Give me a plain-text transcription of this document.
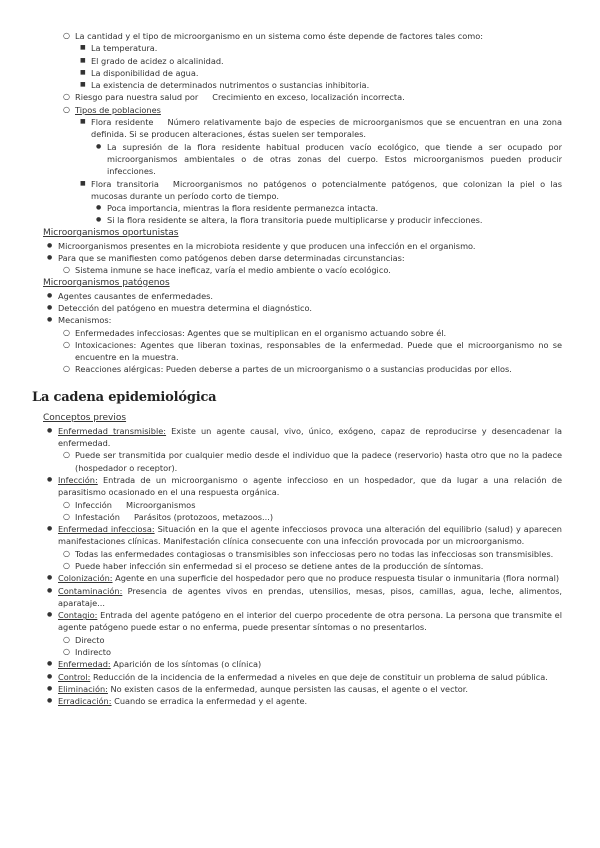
○ La cantidad y el tipo de microorganismo en un sistema como éste depende de factores tales como:
■ La temperatura.
■ El grado de acidez o alcalinidad.
■ La disponibilidad de agua.
■ La existencia de determinados nutrimentos o sustancias inhibitoria.
○ Riesgo para nuestra salud por Crecimiento en exceso, localización incorrecta.
○ Tipos de poblaciones
■ Flora residente Número relativamente bajo de especies de microorganismos que se encuentran en una zona definida. Si se producen alteraciones, éstas suelen ser temporales.
● La supresión de la flora residente habitual producen vacío ecológico, que tiende a ser ocupado por microorganismos ambientales o de otras zonas del cuerpo. Estos microorganismos pueden producir infecciones.
■ Flora transitoria Microorganismos no patógenos o potencialmente patógenos, que colonizan la piel o las mucosas durante un período corto de tiempo.
● Poca importancia, mientras la flora residente permanezca intacta.
● Si la flora residente se altera, la flora transitoria puede multiplicarse y producir infecciones.
Microorganismos oportunistas
● Microorganismos presentes en la microbiota residente y que producen una infección en el organismo.
● Para que se manifiesten como patógenos deben darse determinadas circunstancias:
○ Sistema inmune se hace ineficaz, varía el medio ambiente o vacío ecológico.
Microorganismos patógenos
● Agentes causantes de enfermedades.
● Detección del patógeno en muestra determina el diagnóstico.
● Mecanismos:
○ Enfermedades infecciosas: Agentes que se multiplican en el organismo actuando sobre él.
○ Intoxicaciones: Agentes que liberan toxinas, responsables de la enfermedad. Puede que el microorganismo no se encuentre en la muestra.
○ Reacciones alérgicas: Pueden deberse a partes de un microorganismo o a sustancias producidas por ellos.
La cadena epidemiológica
Conceptos previos
● Enfermedad transmisible: Existe un agente causal, vivo, único, exógeno, capaz de reproducirse y desencadenar la enfermedad.
○ Puede ser transmitida por cualquier medio desde el individuo que la padece (reservorio) hasta otro que no la padece (hospedador o receptor).
● Infección: Entrada de un microorganismo o agente infeccioso en un hospedador, que da lugar a una relación de parasitismo ocasionado en el una respuesta orgánica.
○ Infección Microorganismos
○ Infestación Parásitos (protozoos, metazoos...)
● Enfermedad infecciosa: Situación en la que el agente infecciosos provoca una alteración del equilibrio (salud) y aparecen manifestaciones clínicas. Manifestación clínica consecuente con una infección provocada por un microorganismo.
○ Todas las enfermedades contagiosas o transmisibles son infecciosas pero no todas las infecciosas son transmisibles.
○ Puede haber infección sin enfermedad si el proceso se detiene antes de la producción de síntomas.
● Colonización: Agente en una superficie del hospedador pero que no produce respuesta tisular o inmunitaria (flora normal)
● Contaminación: Presencia de agentes vivos en prendas, utensilios, mesas, pisos, camillas, agua, leche, alimentos, aparataje...
● Contagio: Entrada del agente patógeno en el interior del cuerpo procedente de otra persona. La persona que transmite el agente patógeno puede estar o no enferma, puede presentar síntomas o no presentarlos.
○ Directo
○ Indirecto
● Enfermedad: Aparición de los síntomas (o clínica)
● Control: Reducción de la incidencia de la enfermedad a niveles en que deje de constituir un problema de salud pública.
● Eliminación: No existen casos de la enfermedad, aunque persisten las causas, el agente o el vector.
● Erradicación: Cuando se erradica la enfermedad y el agente.
